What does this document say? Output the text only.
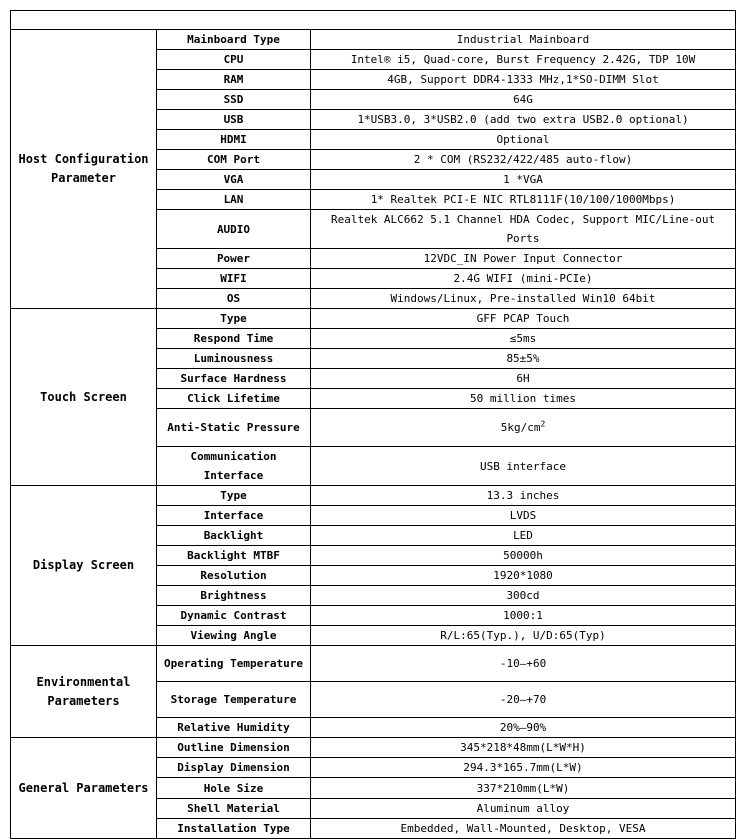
Host Configuration Parameter	Mainboard Type	Industrial Mainboard
	CPU	Intel® i5, Quad-core, Burst Frequency 2.42G, TDP 10W
	RAM	4GB, Support DDR4-1333 MHz,1*SO-DIMM Slot
	SSD	64G
	USB	1*USB3.0, 3*USB2.0 (add two extra USB2.0 optional)
	HDMI	Optional
	COM Port	2 * COM (RS232/422/485 auto-flow)
	VGA	1 *VGA
	LAN	1* Realtek PCI-E NIC RTL8111F(10/100/1000Mbps)
	AUDIO	Realtek ALC662 5.1 Channel HDA Codec, Support MIC/Line-out Ports
	Power	12VDC_IN Power Input Connector
	WIFI	2.4G WIFI (mini-PCIe)
	OS	Windows/Linux, Pre-installed Win10 64bit
Touch Screen	Type	GFF PCAP Touch
	Respond Time	≤5ms
	Luminousness	85±5%
	Surface Hardness	6H
	Click Lifetime	50 million times
	Anti-Static Pressure	$5kg/cm^2$
	Communication Interface	USB interface
Display Screen	Type	13.3 inches
	Interface	LVDS
	Backlight	LED
	Backlight MTBF	50000h
	Resolution	1920*1080
	Brightness	300cd
	Dynamic Contrast	1000:1
	Viewing Angle	R/L:65(Typ.), U/D:65(Typ)
Environmental Parameters	Operating Temperature	-10—+60
	Storage Temperature	-20—+70
	Relative Humidity	20%—90%
General Parameters	Outline Dimension	345*218*48mm(L*W*H)
	Display Dimension	294.3*165.7mm(L*W)
	Hole Size	337*210mm(L*W)
	Shell Material	Aluminum alloy
	Installation Type	Embedded, Wall-Mounted, Desktop, VESA
